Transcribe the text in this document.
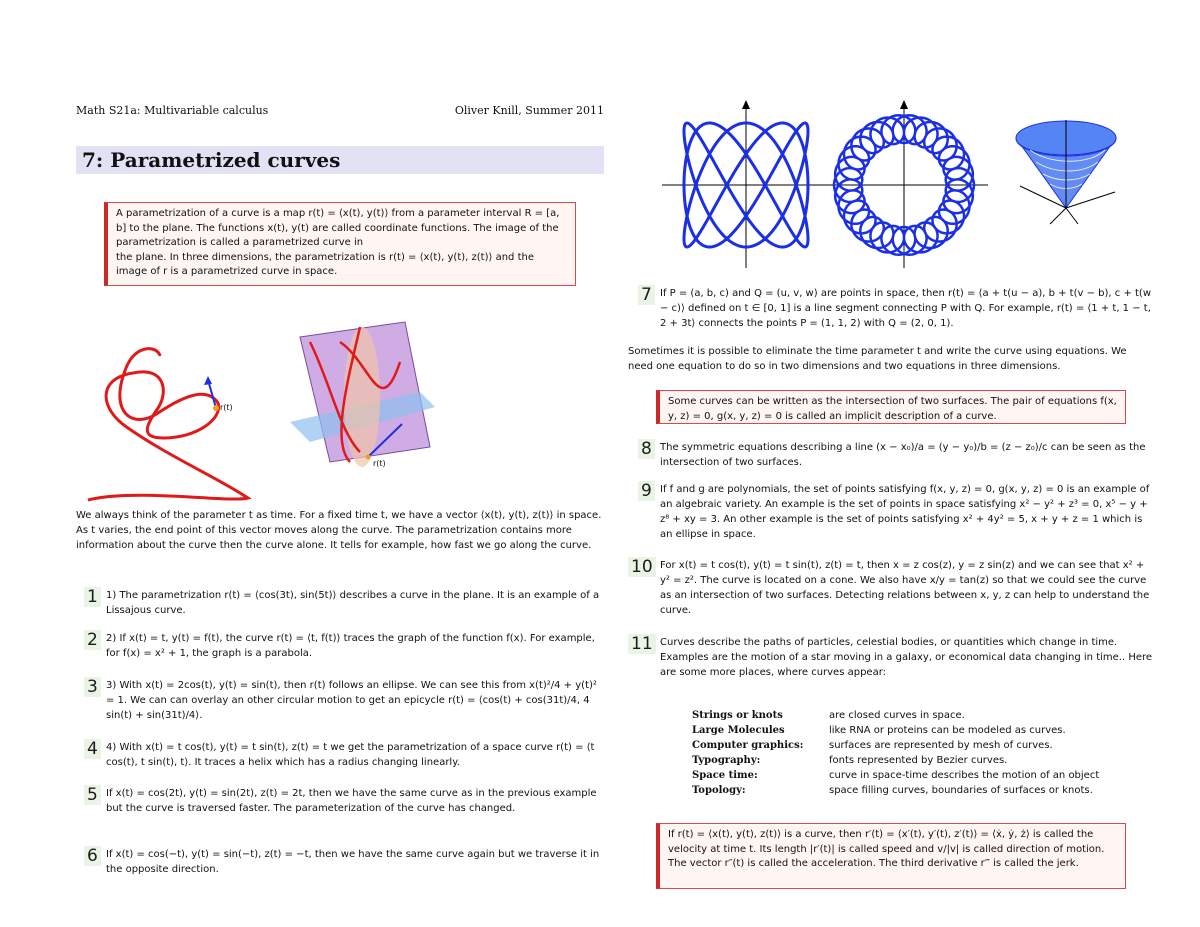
Math S21a: Multivariable calculus	Oliver Knill, Summer 2011
7: Parametrized curves
A parametrization of a curve is a map r(t) = ⟨x(t), y(t)⟩ from a parameter interval R = [a, b] to the plane. The functions x(t), y(t) are called coordinate functions. The image of the parametrization is called a parametrized curve in
the plane. In three dimensions, the parametrization is r(t) = ⟨x(t), y(t), z(t)⟩ and the image of r is a parametrized curve in space.
r(t)
r(t)
We always think of the parameter t as time. For a fixed time t, we have a vector ⟨x(t), y(t), z(t)⟩ in space. As t varies, the end point of this vector moves along the curve. The parametrization contains more information about the curve then the curve alone. It tells for example, how fast we go along the curve.
1 1) The parametrization r(t) = ⟨cos(3t), sin(5t)⟩ describes a curve in the plane. It is an example of a Lissajous curve.
2 2) If x(t) = t, y(t) = f(t), the curve r(t) = ⟨t, f(t)⟩ traces the graph of the function f(x). For example, for f(x) = x² + 1, the graph is a parabola.
3 3) With x(t) = 2cos(t), y(t) = sin(t), then r(t) follows an ellipse. We can see this from x(t)²/4 + y(t)² = 1. We can can overlay an other circular motion to get an epicycle r(t) = ⟨cos(t) + cos(31t)/4, 4 sin(t) + sin(31t)/4⟩.
4 4) With x(t) = t cos(t), y(t) = t sin(t), z(t) = t we get the parametrization of a space curve r(t) = ⟨t cos(t), t sin(t), t⟩. It traces a helix which has a radius changing linearly.
5 If x(t) = cos(2t), y(t) = sin(2t), z(t) = 2t, then we have the same curve as in the previous example but the curve is traversed faster. The parameterization of the curve has changed.
6 If x(t) = cos(−t), y(t) = sin(−t), z(t) = −t, then we have the same curve again but we traverse it in the opposite direction.
7 If P = (a, b, c) and Q = (u, v, w) are points in space, then r(t) = ⟨a + t(u − a), b + t(v − b), c + t(w − c)⟩ defined on t ∈ [0, 1] is a line segment connecting P with Q. For example, r(t) = ⟨1 + t, 1 − t, 2 + 3t⟩ connects the points P = (1, 1, 2) with Q = (2, 0, 1).
Sometimes it is possible to eliminate the time parameter t and write the curve using equations. We need one equation to do so in two dimensions and two equations in three dimensions.
Some curves can be written as the intersection of two surfaces. The pair of equations f(x, y, z) = 0, g(x, y, z) = 0 is called an implicit description of a curve.
8 The symmetric equations describing a line (x − x₀)/a = (y − y₀)/b = (z − z₀)/c can be seen as the intersection of two surfaces.
9 If f and g are polynomials, the set of points satisfying f(x, y, z) = 0, g(x, y, z) = 0 is an example of an algebraic variety. An example is the set of points in space satisfying x² − y² + z³ = 0, x⁵ − y + z⁸ + xy = 3. An other example is the set of points satisfying x² + 4y² = 5, x + y + z = 1 which is an ellipse in space.
10 For x(t) = t cos(t), y(t) = t sin(t), z(t) = t, then x = z cos(z), y = z sin(z) and we can see that x² + y² = z². The curve is located on a cone. We also have x/y = tan(z) so that we could see the curve as an intersection of two surfaces. Detecting relations between x, y, z can help to understand the curve.
11 Curves describe the paths of particles, celestial bodies, or quantities which change in time. Examples are the motion of a star moving in a galaxy, or economical data changing in time.. Here are some more places, where curves appear:
Strings or knots	are closed curves in space.
Large Molecules	like RNA or proteins can be modeled as curves.
Computer graphics:	surfaces are represented by mesh of curves.
Typography:	fonts represented by Bezier curves.
Space time:	curve in space-time describes the motion of an object
Topology:	space filling curves, boundaries of surfaces or knots.
If r(t) = ⟨x(t), y(t), z(t)⟩ is a curve, then r′(t) = ⟨x′(t), y′(t), z′(t)⟩ = ⟨ẋ, ẏ, ż⟩ is called the velocity at time t. Its length |r′(t)| is called speed and v/|v| is called direction of motion. The vector r″(t) is called the acceleration. The third derivative r‴ is called the jerk.
